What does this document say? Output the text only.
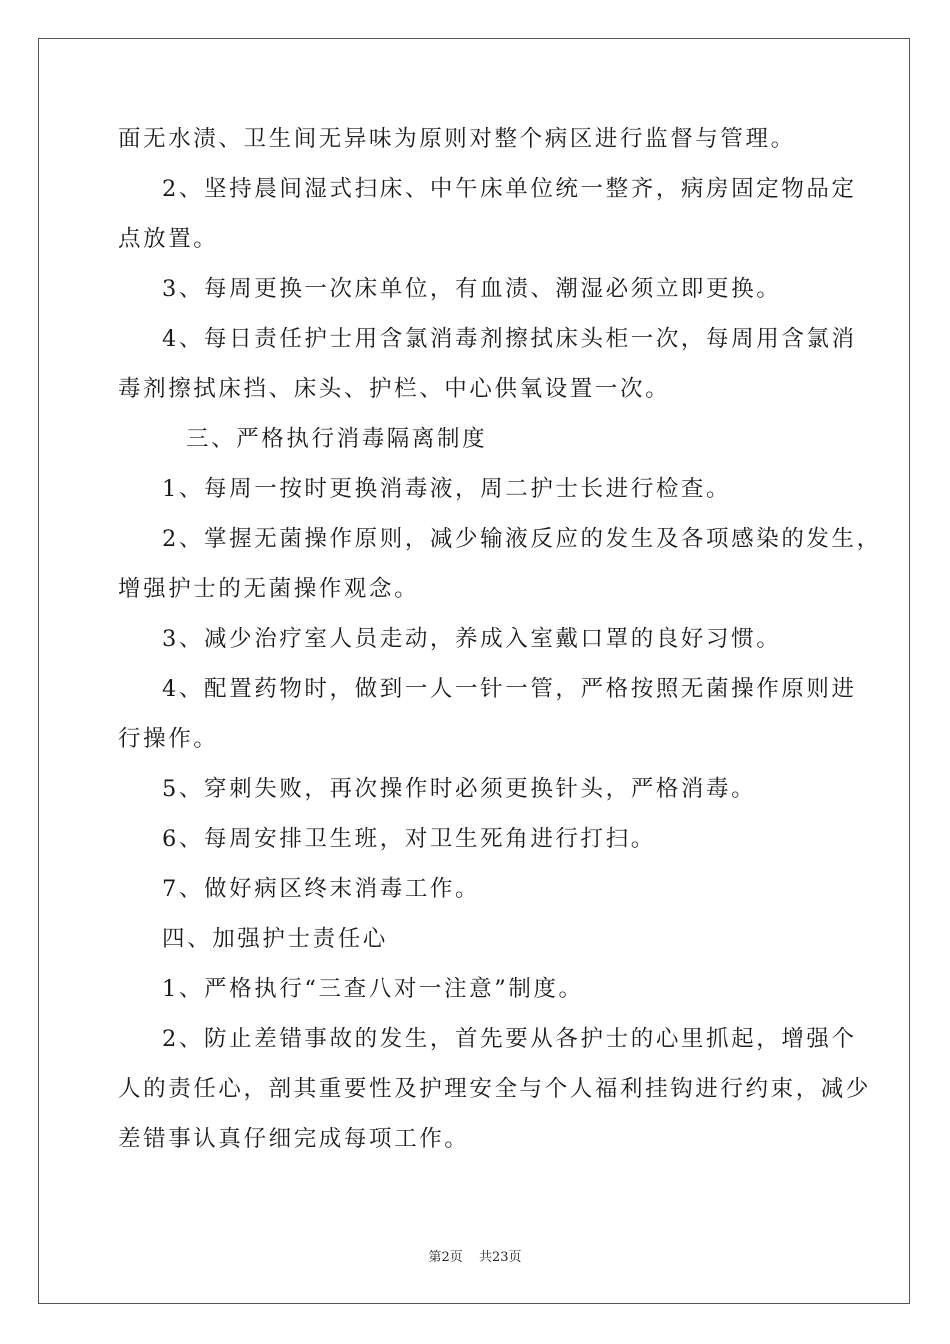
面无水渍、卫生间无异味为原则对整个病区进行监督与管理。
2、坚持晨间湿式扫床、中午床单位统一整齐，病房固定物品定
点放置。
3、每周更换一次床单位，有血渍、潮湿必须立即更换。
4、每日责任护士用含氯消毒剂擦拭床头柜一次，每周用含氯消
毒剂擦拭床挡、床头、护栏、中心供氧设置一次。
三、严格执行消毒隔离制度
1、每周一按时更换消毒液，周二护士长进行检查。
2、掌握无菌操作原则，减少输液反应的发生及各项感染的发生，
增强护士的无菌操作观念。
3、减少治疗室人员走动，养成入室戴口罩的良好习惯。
4、配置药物时，做到一人一针一管，严格按照无菌操作原则进
行操作。
5、穿刺失败，再次操作时必须更换针头，严格消毒。
6、每周安排卫生班，对卫生死角进行打扫。
7、做好病区终末消毒工作。
四、加强护士责任心
1、严格执行“三查八对一注意”制度。
2、防止差错事故的发生，首先要从各护士的心里抓起，增强个
人的责任心，剖其重要性及护理安全与个人福利挂钩进行约束，减少
差错事认真仔细完成每项工作。
第2页 共23页
